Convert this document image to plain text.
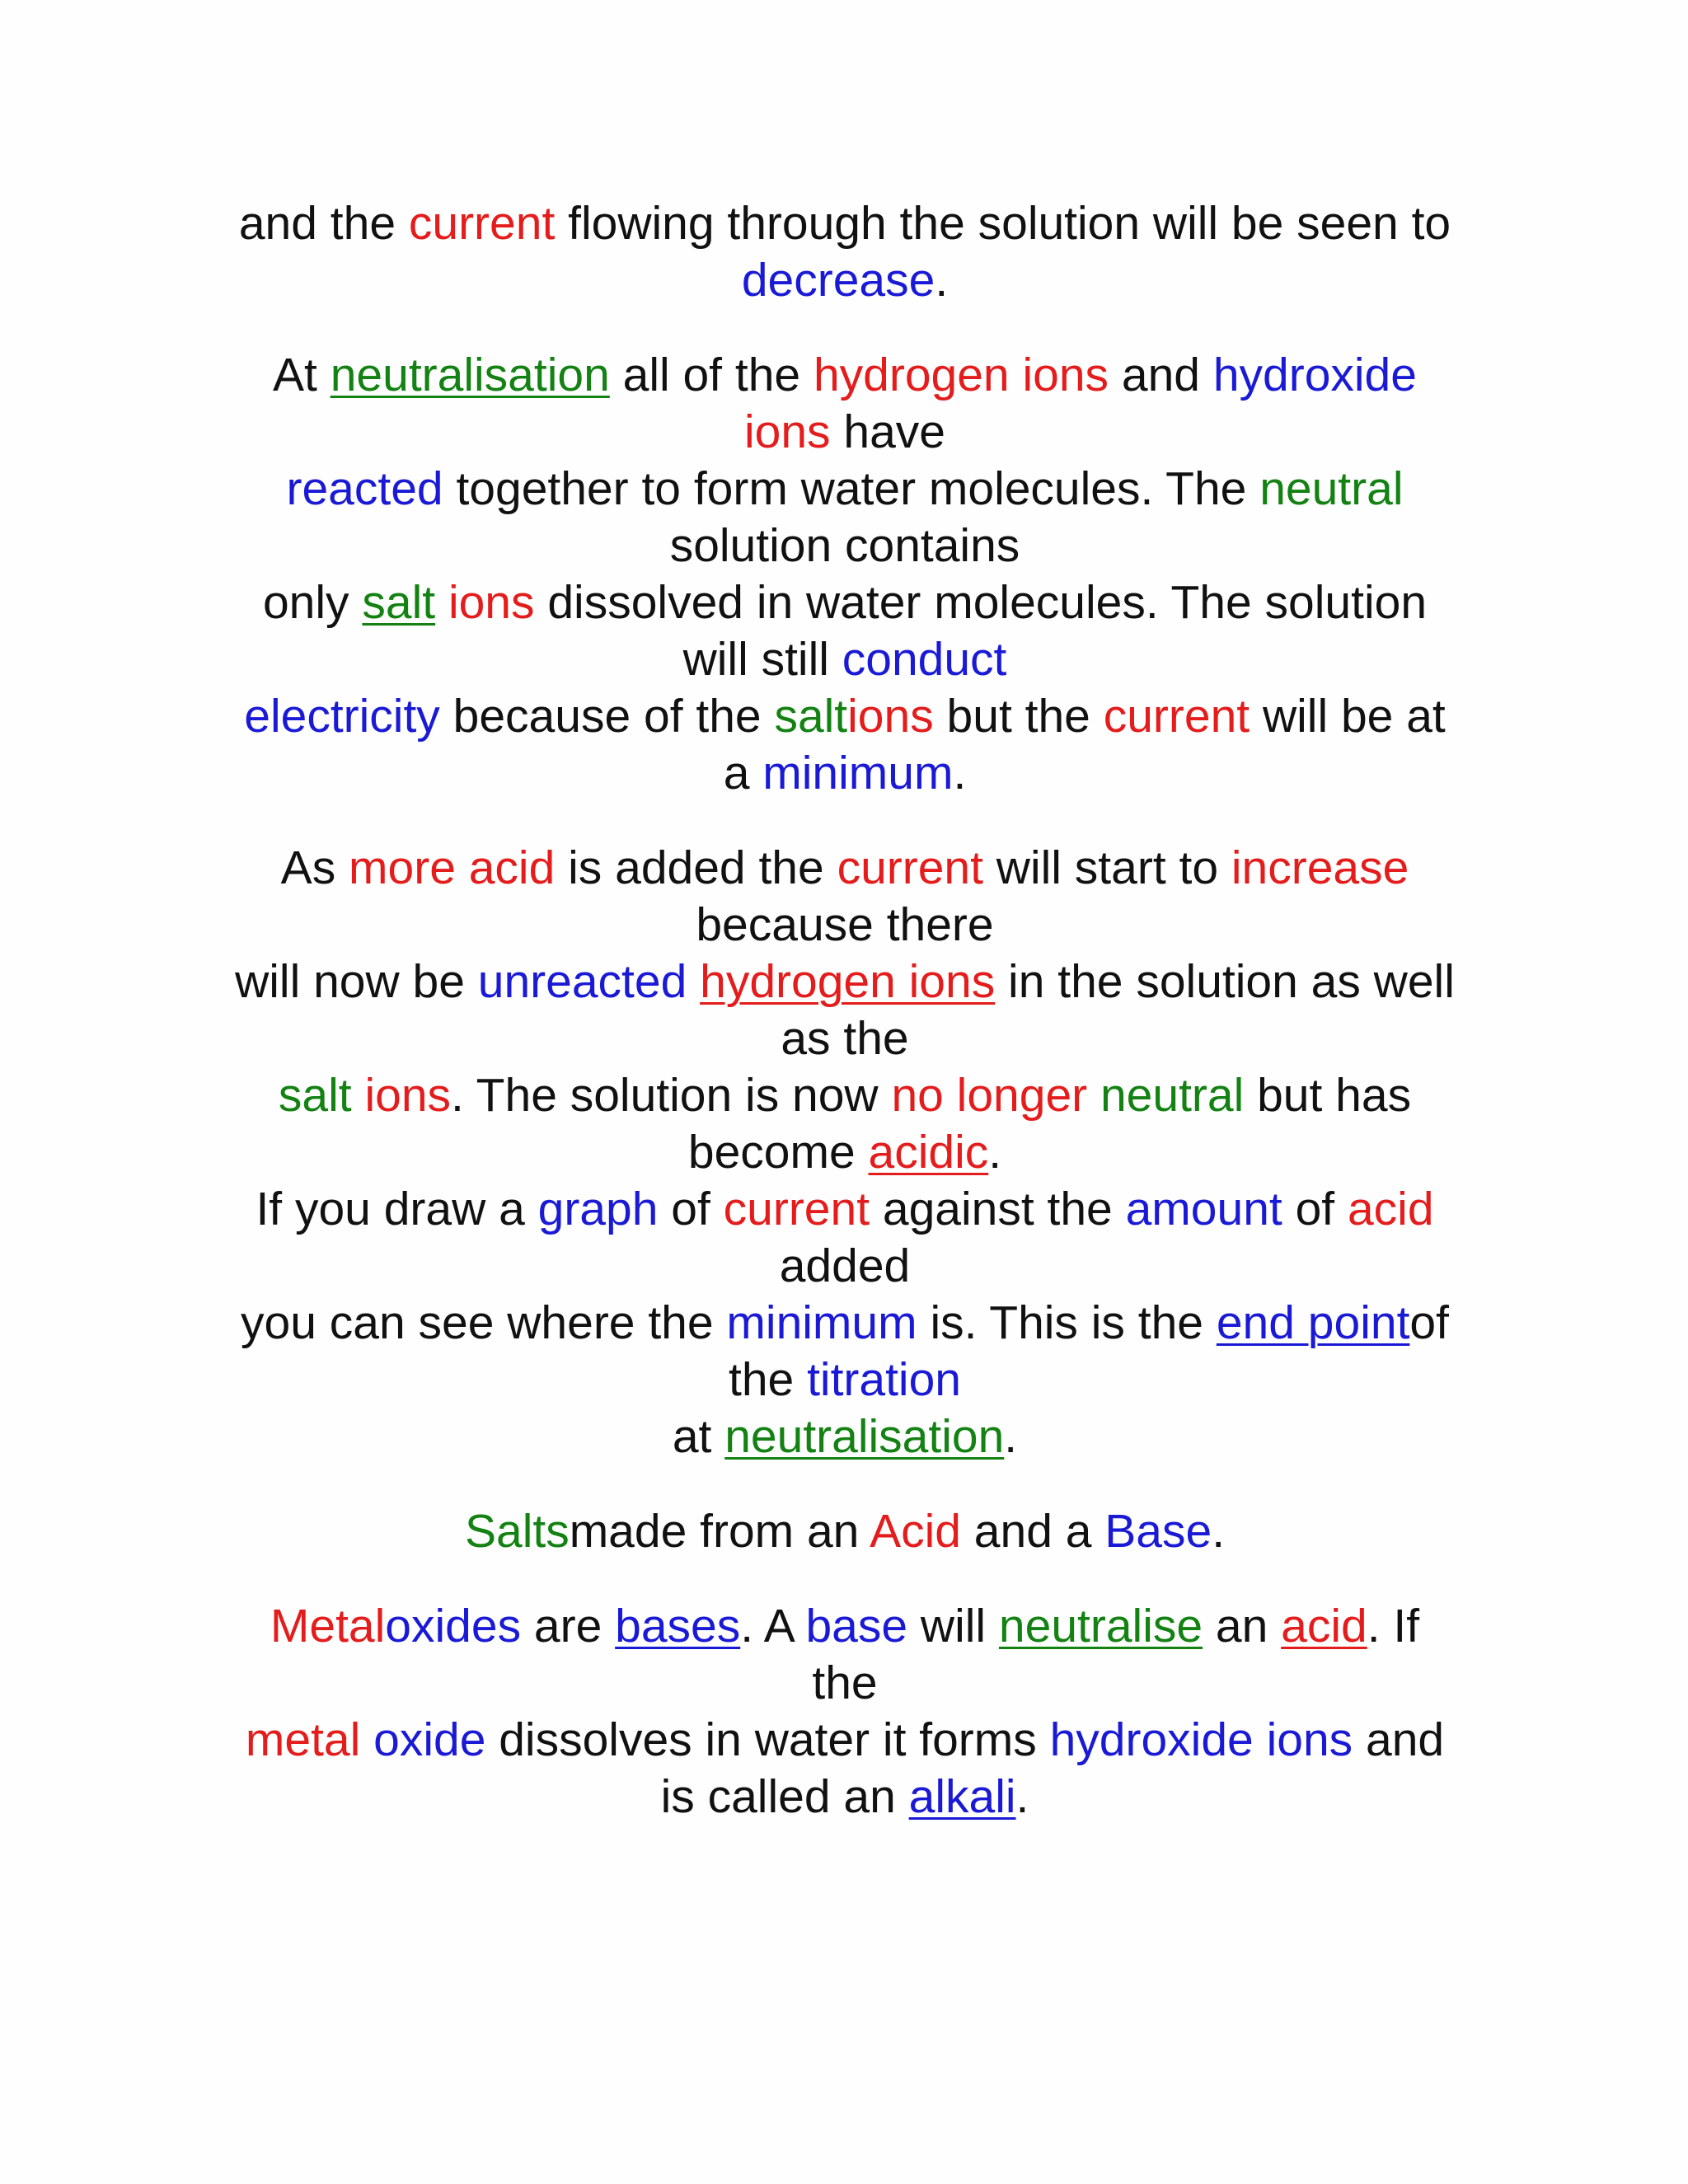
and the current flowing through the solution will be seen to
decrease.

At neutralisation all of the hydrogen ions and hydroxide
ions have
reacted together to form water molecules. The neutral
solution contains
only salt ions dissolved in water molecules. The solution
will still conduct
electricity because of the saltions but the current will be at
a minimum.

As more acid is added the current will start to increase
because there
will now be unreacted hydrogen ions in the solution as well
as the
salt ions. The solution is now no longer neutral but has
become acidic.
If you draw a graph of current against the amount of acid
added
you can see where the minimum is. This is the end pointof
the titration
at neutralisation.

Saltsmade from an Acid and a Base.

Metaloxides are bases. A base will neutralise an acid. If
the
metal oxide dissolves in water it forms hydroxide ions and
is called an alkali.
